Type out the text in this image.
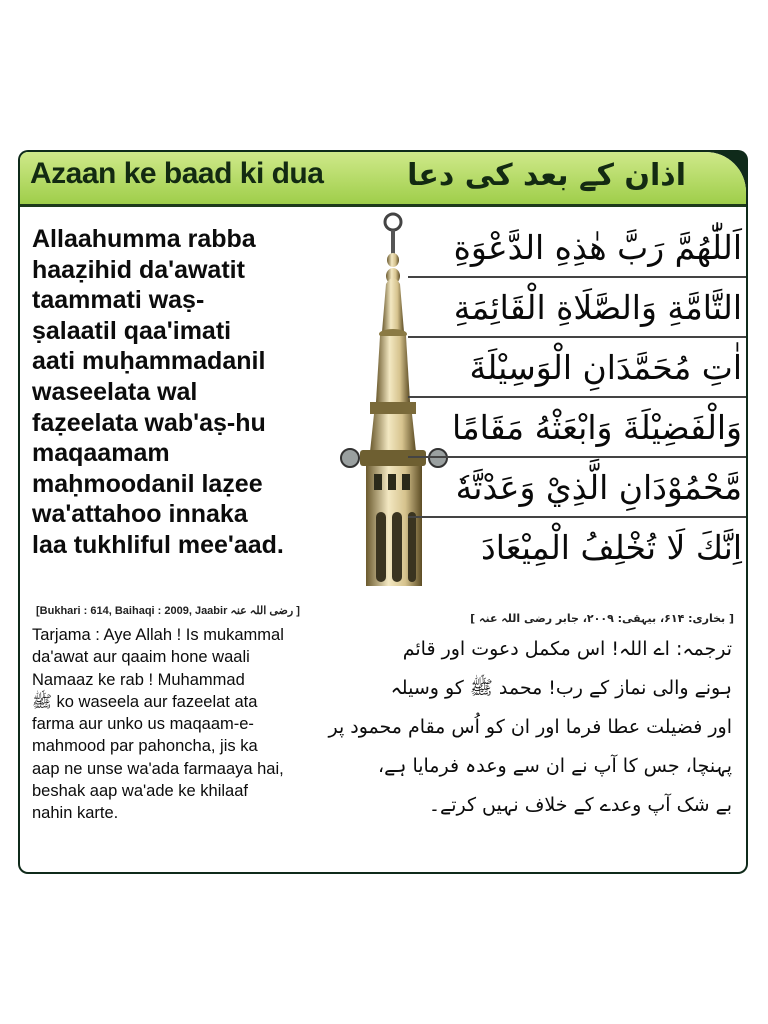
Azaan ke baad ki dua	اذان کے بعد کی دعا
Allaahumma rabba
haaẓihid da'awatit
taammati waṣ-
ṣalaatil qaa'imati
aati muḥammadanil
waseelata wal
faẓeelata wab'aṣ-hu
maqaamam
maḥmoodanil laẓee
wa'attahoo innaka
laa tukhliful mee'aad.
اَللّٰهُمَّ رَبَّ هٰذِهِ الدَّعْوَةِ
التَّامَّةِ وَالصَّلَاةِ الْقَائِمَةِ
اٰتِ مُحَمَّدَانِ الْوَسِيْلَةَ
وَالْفَضِيْلَةَ وَابْعَثْهُ مَقَامًا
مَّحْمُوْدَانِ الَّذِيْ وَعَدْتَّهٗ
اِنَّكَ لَا تُخْلِفُ الْمِيْعَادَ
[Bukhari : 614, Baihaqi : 2009, Jaabir رضی اللہ عنہ ]
[ بخاری: ۶۱۴، بیہقی: ۲۰۰۹، جابر رضی اللہ عنہ ]
Tarjama : Aye Allah ! Is mukammal
da'awat aur qaaim hone waali
Namaaz ke rab ! Muhammad
ﷺ ko waseela aur fazeelat ata
farma aur unko us maqaam-e-
mahmood par pahoncha, jis ka
aap ne unse wa'ada farmaaya hai,
beshak aap wa'ade ke khilaaf
nahin karte.
ترجمہ: اے اللہ! اس مکمل دعوت اور قائم
ہونے والی نماز کے رب! محمد ﷺ کو وسیلہ
اور فضیلت عطا فرما اور ان کو اُس مقام محمود پر
پہنچا، جس کا آپ نے ان سے وعدہ فرمایا ہے،
بے شک آپ وعدے کے خلاف نہیں کرتے۔
